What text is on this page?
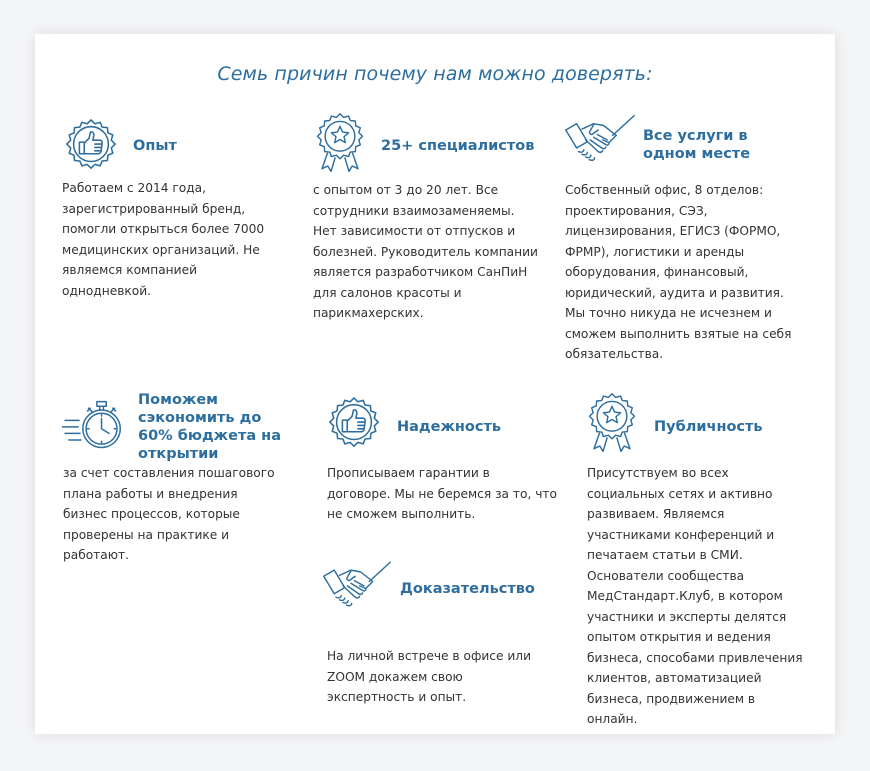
Семь причин почему нам можно доверять:
Опыт
Работаем с 2014 года, зарегистрированный бренд, помогли открыться более 7000 медицинских организаций. Не являемся компанией однодневкой.
25+ специалистов
с опытом от 3 до 20 лет. Все сотрудники взаимозаменяемы. Нет зависимости от отпусков и болезней. Руководитель компании является разработчиком СанПиН для салонов красоты и парикмахерских.
Все услуги в одном месте
Собственный офис, 8 отделов: проектирования, СЭЗ, лицензирования, ЕГИСЗ (ФОРМО, ФРМР), логистики и аренды оборудования, финансовый, юридический, аудита и развития. Мы точно никуда не исчезнем и сможем выполнить взятые на себя обязательства.
Поможем сэкономить до 60% бюджета на открытии
за счет составления пошагового плана работы и внедрения бизнес процессов, которые проверены на практике и работают.
Надежность
Прописываем гарантии в договоре. Мы не беремся за то, что не сможем выполнить.
Публичность
Присутствуем во всех социальных сетях и активно развиваем. Являемся участниками конференций и печатаем статьи в СМИ. Основатели сообщества МедСтандарт.Клуб, в котором участники и эксперты делятся опытом открытия и ведения бизнеса, способами привлечения клиентов, автоматизацией бизнеса, продвижением в онлайн.
Доказательство
На личной встрече в офисе или ZOOM докажем свою экспертность и опыт.
